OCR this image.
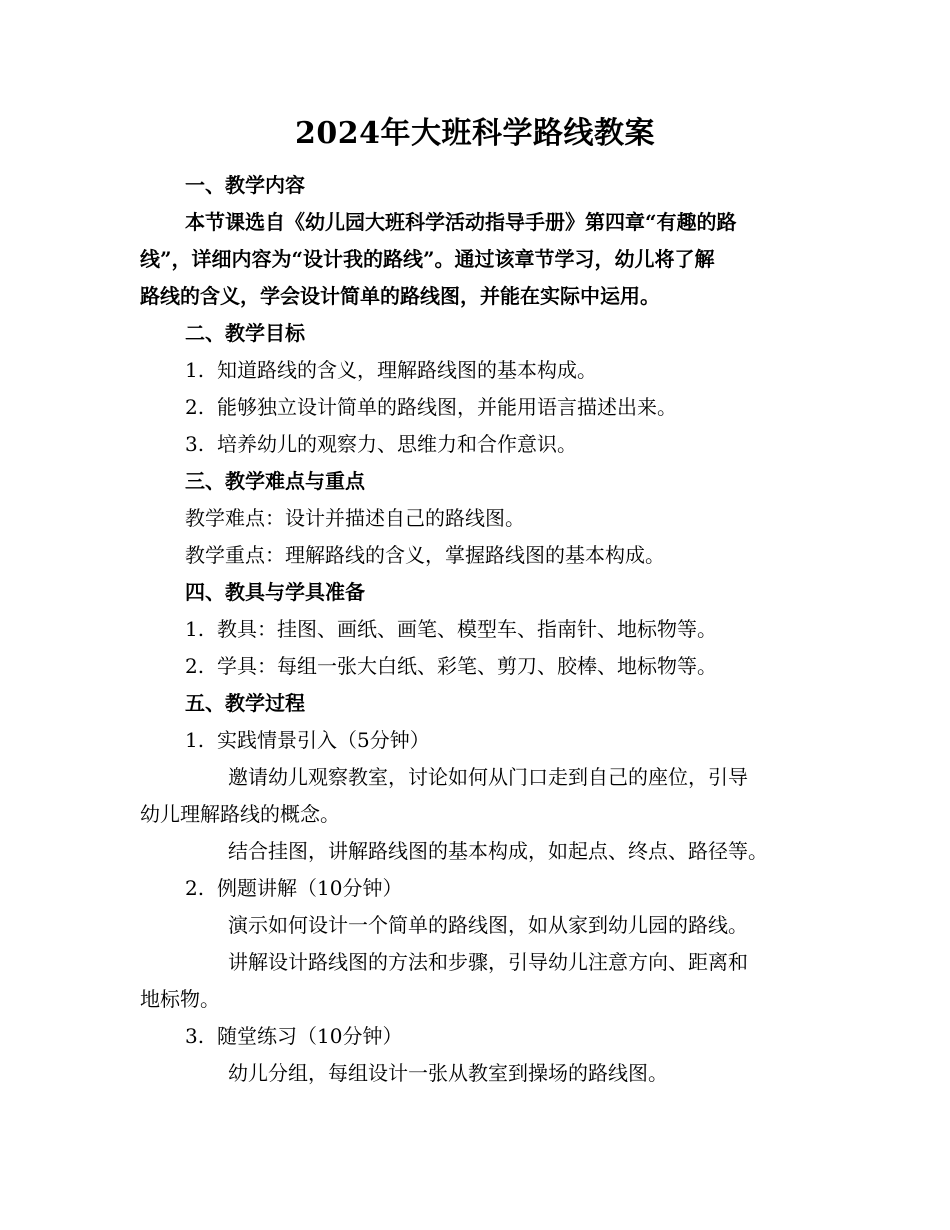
2024年大班科学路线教案

一、教学内容

本节课选自《幼儿园大班科学活动指导手册》第四章“有趣的路

线”，详细内容为“设计我的路线”。通过该章节学习，幼儿将了解

路线的含义，学会设计简单的路线图，并能在实际中运用。

二、教学目标

1. 知道路线的含义，理解路线图的基本构成。

2. 能够独立设计简单的路线图，并能用语言描述出来。

3. 培养幼儿的观察力、思维力和合作意识。

三、教学难点与重点

教学难点：设计并描述自己的路线图。

教学重点：理解路线的含义，掌握路线图的基本构成。

四、教具与学具准备

1. 教具：挂图、画纸、画笔、模型车、指南针、地标物等。

2. 学具：每组一张大白纸、彩笔、剪刀、胶棒、地标物等。

五、教学过程

1. 实践情景引入（5分钟）

邀请幼儿观察教室，讨论如何从门口走到自己的座位，引导

幼儿理解路线的概念。

结合挂图，讲解路线图的基本构成，如起点、终点、路径等。

2. 例题讲解（10分钟）

演示如何设计一个简单的路线图，如从家到幼儿园的路线。

讲解设计路线图的方法和步骤，引导幼儿注意方向、距离和

地标物。

3. 随堂练习（10分钟）

幼儿分组，每组设计一张从教室到操场的路线图。
